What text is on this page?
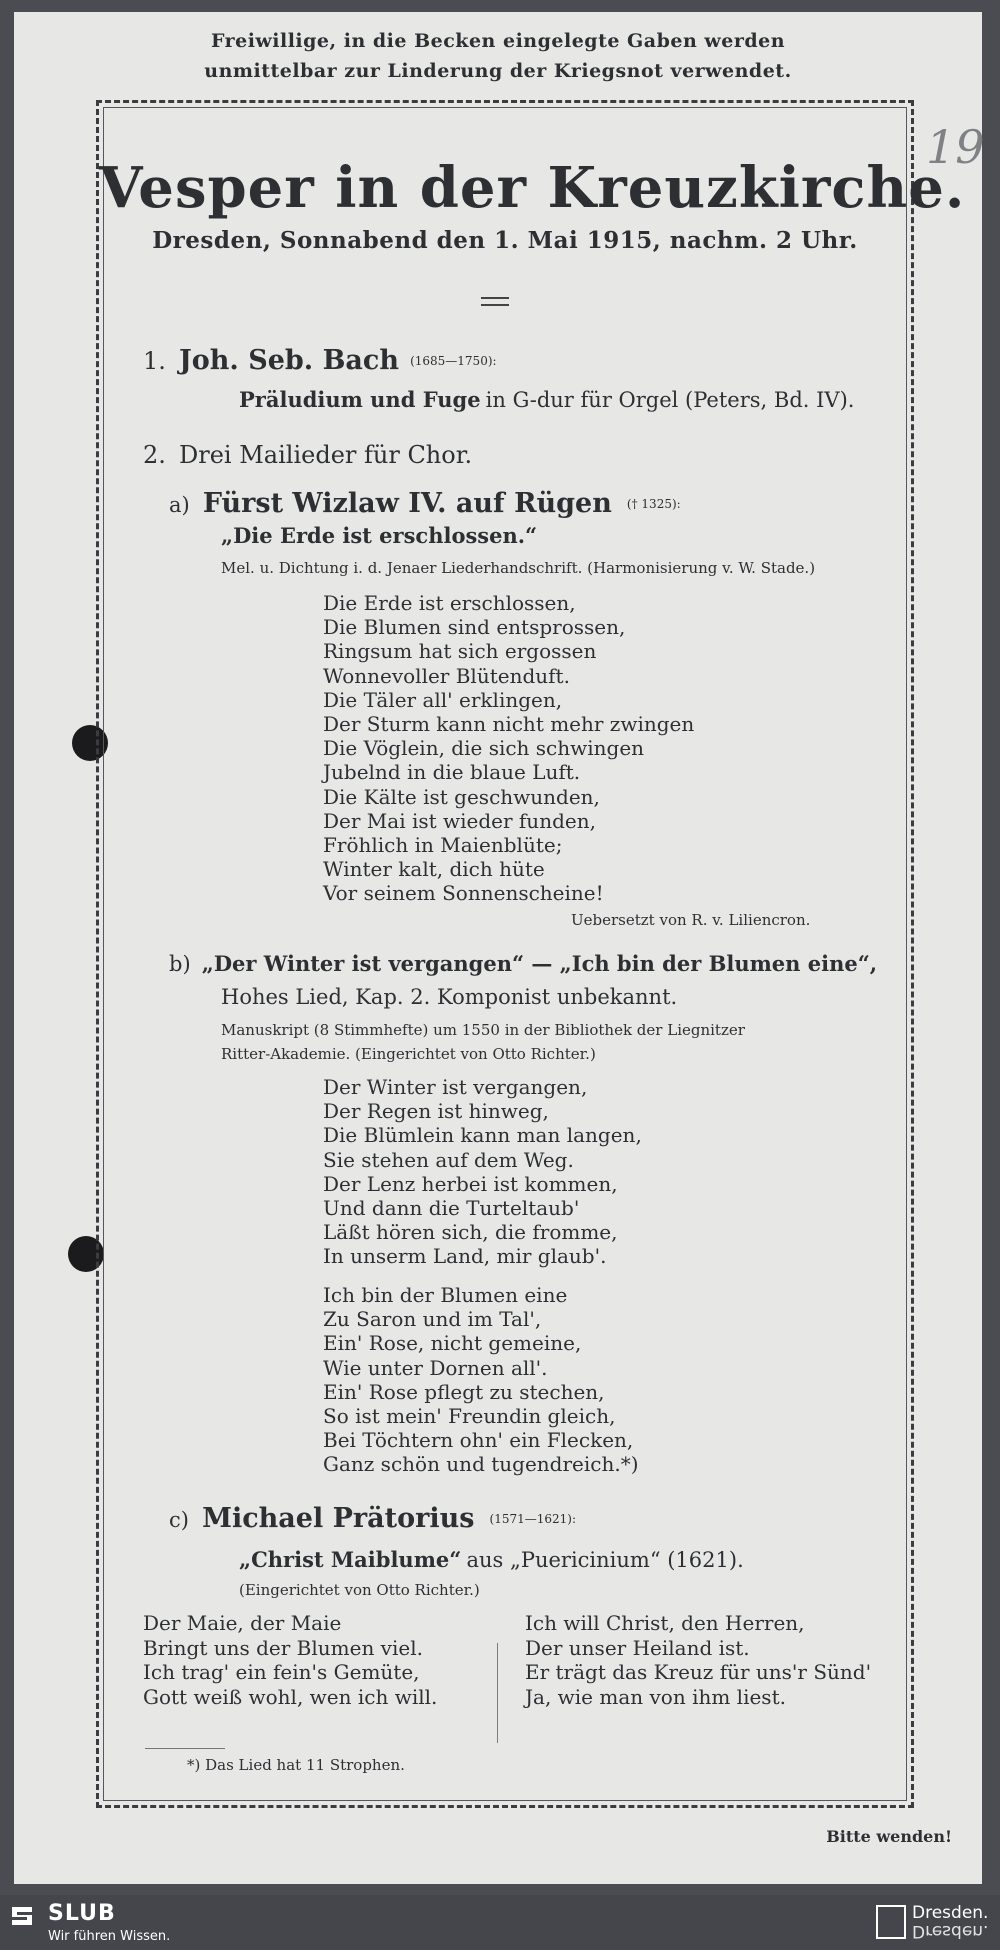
Freiwillige, in die Becken eingelegte Gaben werden
unmittelbar zur Linderung der Kriegsnot verwendet.
19
Vesper in der Kreuzkirche.
Dresden, Sonnabend den 1. Mai 1915, nachm. 2 Uhr.
1. Joh. Seb. Bach $^{(1685—1750):}$
Präludium und Fuge in G-dur für Orgel (Peters, Bd. IV).
2. Drei Mailieder für Chor.
a) Fürst Wizlaw IV. auf Rügen $^{(\dagger 1325):}$
„Die Erde ist erschlossen.“
Mel. u. Dichtung i. d. Jenaer Liederhandschrift. (Harmonisierung v. W. Stade.)
Die Erde ist erschlossen,
Die Blumen sind entsprossen,
Ringsum hat sich ergossen
Wonnevoller Blütenduft.
Die Täler all' erklingen,
Der Sturm kann nicht mehr zwingen
Die Vöglein, die sich schwingen
Jubelnd in die blaue Luft.
Die Kälte ist geschwunden,
Der Mai ist wieder funden,
Fröhlich in Maienblüte;
Winter kalt, dich hüte
Vor seinem Sonnenscheine!
Uebersetzt von R. v. Liliencron.
b) „Der Winter ist vergangen“ — „Ich bin der Blumen eine“,
Hohes Lied, Kap. 2. Komponist unbekannt.
Manuskript (8 Stimmhefte) um 1550 in der Bibliothek der Liegnitzer
Ritter-Akademie. (Eingerichtet von Otto Richter.)
Der Winter ist vergangen,
Der Regen ist hinweg,
Die Blümlein kann man langen,
Sie stehen auf dem Weg.
Der Lenz herbei ist kommen,
Und dann die Turteltaub'
Läßt hören sich, die fromme,
In unserm Land, mir glaub'.
Ich bin der Blumen eine
Zu Saron und im Tal',
Ein' Rose, nicht gemeine,
Wie unter Dornen all'.
Ein' Rose pflegt zu stechen,
So ist mein' Freundin gleich,
Bei Töchtern ohn' ein Flecken,
Ganz schön und tugendreich.*)
c) Michael Prätorius $^{(1571—1621):}$
„Christ Maiblume“ aus „Puericinium“ (1621).
(Eingerichtet von Otto Richter.)
Der Maie, der Maie
Bringt uns der Blumen viel.
Ich trag' ein fein's Gemüte,
Gott weiß wohl, wen ich will.
Ich will Christ, den Herren,
Der unser Heiland ist.
Er trägt das Kreuz für uns'r Sünd'
Ja, wie man von ihm liest.
*) Das Lied hat 11 Strophen.
Bitte wenden!
SLUB
Wir führen Wissen.
Dresden.
Dresden.
